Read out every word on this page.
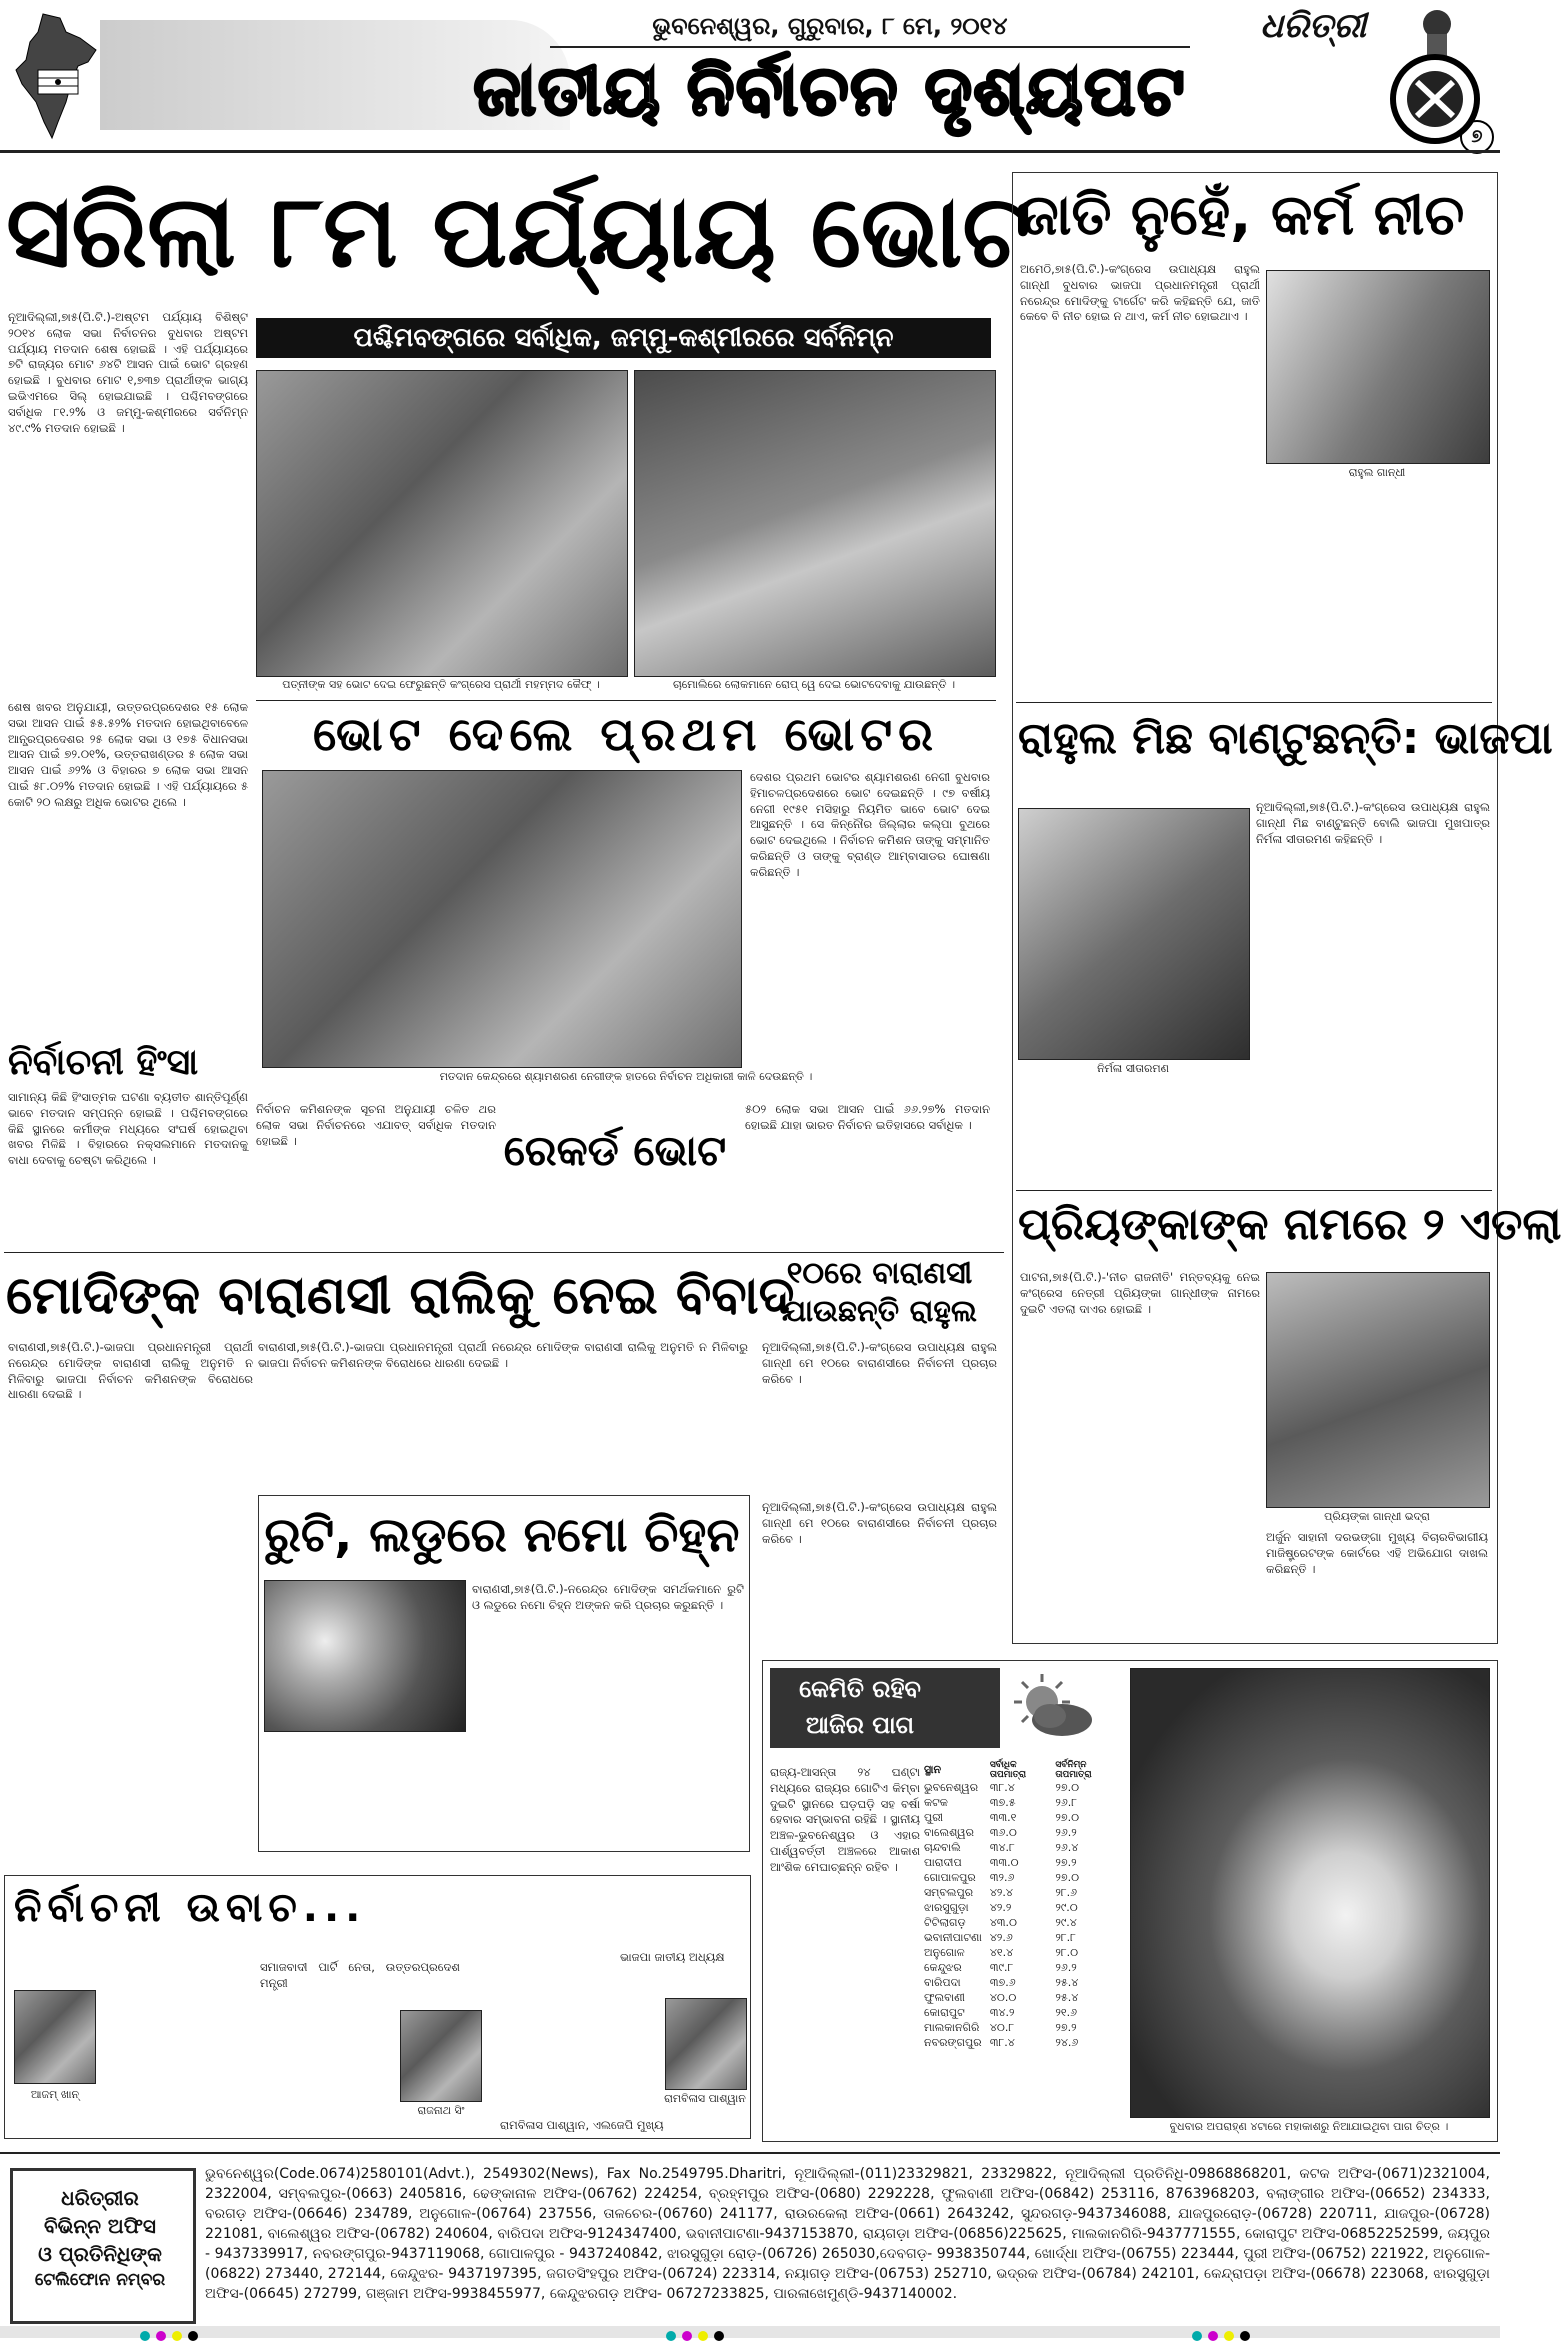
ଭୁବନେଶ୍ୱର, ଗୁରୁବାର, ୮ ମେ, ୨୦୧୪	ଧରିତ୍ରୀ
ଜାତୀୟ ନିର୍ବାଚନ ଦୃଶ୍ୟପଟ
୭
ସରିଲା ୮ମ ପର୍ଯ୍ୟାୟ ଭୋଟ
ନୂଆଦିଲ୍ଲୀ,୭ା୫(ପି.ଟି.)-ଅଷ୍ଟମ ପର୍ଯ୍ୟାୟ ବିଶିଷ୍ଟ ୨୦୧୪ ଲୋକ ସଭା ନିର୍ବାଚନର ବୁଧବାର ଅଷ୍ଟମ ପର୍ଯ୍ୟାୟ ମତଦାନ ଶେଷ ହୋଇଛି । ଏହି ପର୍ଯ୍ୟାୟରେ ୭ଟି ରାଜ୍ୟର ମୋଟ ୬୪ଟି ଆସନ ପାଇଁ ଭୋଟ ଗ୍ରହଣ ହୋଇଛି । ବୁଧବାର ମୋଟ ୧,୭୩୭ ପ୍ରାର୍ଥୀଙ୍କ ଭାଗ୍ୟ ଇଭିଏମରେ ସିଲ୍ ହୋଇଯାଇଛି । ପଶ୍ଚିମବଙ୍ଗରେ ସର୍ବାଧିକ ୮୧.୨% ଓ ଜମ୍ମୁ-କଶ୍ମୀରରେ ସର୍ବନିମ୍ନ ୪୯.୯% ମତଦାନ ହୋଇଛି ।
ପଶ୍ଚିମବଙ୍ଗରେ ସର୍ବାଧିକ, ଜମ୍ମୁ-କଶ୍ମୀରରେ ସର୍ବନିମ୍ନ
ପତ୍ନୀଙ୍କ ସହ ଭୋଟ ଦେଇ ଫେରୁଛନ୍ତି କଂଗ୍ରେସ ପ୍ରାର୍ଥୀ ମହମ୍ମଦ କୈଫ୍ ।	ଚାମୋଲିରେ ଲୋକମାନେ ରୋପ୍ ୱେ ଦେଇ ଭୋଟଦେବାକୁ ଯାଉଛନ୍ତି ।
ଶେଷ ଖବର ଅନୁଯାୟୀ, ଉତ୍ତରପ୍ରଦେଶର ୧୫ ଲୋକ ସଭା ଆସନ ପାଇଁ ୫୫.୫୨% ମତଦାନ ହୋଇଥିବାବେଳେ ଆନ୍ଧ୍ରପ୍ରଦେଶର ୨୫ ଲୋକ ସଭା ଓ ୧୭୫ ବିଧାନସଭା ଆସନ ପାଇଁ ୭୨.୦୧%, ଉତ୍ତରାଖଣ୍ଡର ୫ ଲୋକ ସଭା ଆସନ ପାଇଁ ୬୨% ଓ ବିହାରର ୭ ଲୋକ ସଭା ଆସନ ପାଇଁ ୫୮.୦୨% ମତଦାନ ହୋଇଛି । ଏହି ପର୍ଯ୍ୟାୟରେ ୫ କୋଟି ୨୦ ଲକ୍ଷରୁ ଅଧିକ ଭୋଟର ଥିଲେ ।
ଭୋଟ ଦେଲେ ପ୍ରଥମ ଭୋଟର
ଦେଶର ପ୍ରଥମ ଭୋଟର ଶ୍ୟାମଶରଣ ନେଗୀ ବୁଧବାର ହିମାଚଳପ୍ରଦେଶରେ ଭୋଟ ଦେଇଛନ୍ତି । ୯୭ ବର୍ଷୀୟ ନେଗୀ ୧୯୫୧ ମସିହାରୁ ନିୟମିତ ଭାବେ ଭୋଟ ଦେଇ ଆସୁଛନ୍ତି । ସେ କିନ୍ନୌର ଜିଲ୍ଲାର କଲ୍ପା ବୁଥରେ ଭୋଟ ଦେଇଥିଲେ । ନିର୍ବାଚନ କମିଶନ ତାଙ୍କୁ ସମ୍ମାନିତ କରିଛନ୍ତି ଓ ତାଙ୍କୁ ବ୍ରାଣ୍ଡ ଆମ୍ବାସାଡର ଘୋଷଣା କରିଛନ୍ତି ।
ମତଦାନ କେନ୍ଦ୍ରରେ ଶ୍ୟାମଶରଣ ନେଗୀଙ୍କ ହାତରେ ନିର୍ବାଚନ ଅଧିକାରୀ କାଳି ଦେଉଛନ୍ତି ।
ନିର୍ବାଚନୀ ହିଂସା
ସାମାନ୍ୟ କିଛି ହିଂସାତ୍ମକ ଘଟଣା ବ୍ୟତୀତ ଶାନ୍ତିପୂର୍ଣ୍ଣ ଭାବେ ମତଦାନ ସମ୍ପନ୍ନ ହୋଇଛି । ପଶ୍ଚିମବଙ୍ଗରେ କିଛି ସ୍ଥାନରେ କର୍ମୀଙ୍କ ମଧ୍ୟରେ ସଂଘର୍ଷ ହୋଇଥିବା ଖବର ମିଳିଛି । ବିହାରରେ ନକ୍ସଲମାନେ ମତଦାନକୁ ବାଧା ଦେବାକୁ ଚେଷ୍ଟା କରିଥିଲେ ।
ନିର୍ବାଚନ କମିଶନଙ୍କ ସୂଚନା ଅନୁଯାୟୀ ଚଳିତ ଥର ଲୋକ ସଭା ନିର୍ବାଚନରେ ଏଯାବତ୍ ସର୍ବାଧିକ ମତଦାନ ହୋଇଛି ।	ରେକର୍ଡ ଭୋଟ
୫୦୨ ଲୋକ ସଭା ଆସନ ପାଇଁ ୬୬.୨୭% ମତଦାନ ହୋଇଛି ଯାହା ଭାରତ ନିର୍ବାଚନ ଇତିହାସରେ ସର୍ବାଧିକ ।
ଜାତି ନୁହେଁ, କର୍ମ ନୀଚ
ଅମେଠି,୭ା୫(ପି.ଟି.)-କଂଗ୍ରେସ ଉପାଧ୍ୟକ୍ଷ ରାହୁଲ ଗାନ୍ଧୀ ବୁଧବାର ଭାଜପା ପ୍ରଧାନମନ୍ତ୍ରୀ ପ୍ରାର୍ଥୀ ନରେନ୍ଦ୍ର ମୋଦିଙ୍କୁ ଟାର୍ଗେଟ କରି କହିଛନ୍ତି ଯେ, ଜାତି କେବେ ବି ନୀଚ ହୋଇ ନ ଥାଏ, କର୍ମ ନୀଚ ହୋଇଥାଏ ।
ରାହୁଲ ଗାନ୍ଧୀ
ରାହୁଲ ମିଛ ବାଣ୍ଟୁଛନ୍ତି: ଭାଜପା
ନିର୍ମଳା ସୀତାରମଣ
ନୂଆଦିଲ୍ଲୀ,୭ା୫(ପି.ଟି.)-କଂଗ୍ରେସ ଉପାଧ୍ୟକ୍ଷ ରାହୁଲ ଗାନ୍ଧୀ ମିଛ ବାଣ୍ଟୁଛନ୍ତି ବୋଲି ଭାଜପା ମୁଖପାତ୍ର ନିର୍ମଳା ସୀତାରମଣ କହିଛନ୍ତି ।
ପ୍ରିୟଙ୍କାଙ୍କ ନାମରେ ୨ ଏତଲା
ପାଟନା,୭ା୫(ପି.ଟି.)-'ନୀଚ ରାଜନୀତି' ମନ୍ତବ୍ୟକୁ ନେଇ କଂଗ୍ରେସ ନେତ୍ରୀ ପ୍ରିୟଙ୍କା ଗାନ୍ଧୀଙ୍କ ନାମରେ ଦୁଇଟି ଏତଲା ଦାଏର ହୋଇଛି ।
ପ୍ରିୟଙ୍କା ଗାନ୍ଧୀ ଭଦ୍ରା
ଅର୍ଜୁନ ସାହାନୀ ଦରଭଙ୍ଗା ମୁଖ୍ୟ ବିଚାରବିଭାଗୀୟ ମାଜିଷ୍ଟ୍ରେଟଙ୍କ କୋର୍ଟରେ ଏହି ଅଭିଯୋଗ ଦାଖଲ କରିଛନ୍ତି ।
ମୋଦିଙ୍କ ବାରାଣସୀ ରାଲିକୁ ନେଇ ବିବାଦ
୧୦ରେ ବାରାଣସୀ
ଯାଉଛନ୍ତି ରାହୁଲ
ବାରାଣସୀ,୭ା୫(ପି.ଟି.)-ଭାଜପା ପ୍ରଧାନମନ୍ତ୍ରୀ ପ୍ରାର୍ଥୀ ନରେନ୍ଦ୍ର ମୋଦିଙ୍କ ବାରାଣସୀ ରାଲିକୁ ଅନୁମତି ନ ମିଳିବାରୁ ଭାଜପା ନିର୍ବାଚନ କମିଶନଙ୍କ ବିରୋଧରେ ଧାରଣା ଦେଇଛି ।
ବାରାଣସୀ,୭ା୫(ପି.ଟି.)-ଭାଜପା ପ୍ରଧାନମନ୍ତ୍ରୀ ପ୍ରାର୍ଥୀ ନରେନ୍ଦ୍ର ମୋଦିଙ୍କ ବାରାଣସୀ ରାଲିକୁ ଅନୁମତି ନ ମିଳିବାରୁ ଭାଜପା ନିର୍ବାଚନ କମିଶନଙ୍କ ବିରୋଧରେ ଧାରଣା ଦେଇଛି ।
ନୂଆଦିଲ୍ଲୀ,୭ା୫(ପି.ଟି.)-କଂଗ୍ରେସ ଉପାଧ୍ୟକ୍ଷ ରାହୁଲ ଗାନ୍ଧୀ ମେ ୧୦ରେ ବାରାଣସୀରେ ନିର୍ବାଚନୀ ପ୍ରଚାର କରିବେ ।
ରୁଟି, ଲଡୁରେ ନମୋ ଚିହ୍ନ
ବାରାଣସୀ,୭ା୫(ପି.ଟି.)-ନରେନ୍ଦ୍ର ମୋଦିଙ୍କ ସମର୍ଥକମାନେ ରୁଟି ଓ ଲଡୁରେ ନମୋ ଚିହ୍ନ ଅଙ୍କନ କରି ପ୍ରଚାର କରୁଛନ୍ତି ।
ନୂଆଦିଲ୍ଲୀ,୭ା୫(ପି.ଟି.)-କଂଗ୍ରେସ ଉପାଧ୍ୟକ୍ଷ ରାହୁଲ ଗାନ୍ଧୀ ମେ ୧୦ରେ ବାରାଣସୀରେ ନିର୍ବାଚନୀ ପ୍ରଚାର କରିବେ ।
ନିର୍ବାଚନୀ ଉବାଚ...
ଆଜମ୍ ଖାନ୍
ସମାଜବାଦୀ ପାର୍ଟି ନେତା, ଉତ୍ତରପ୍ରଦେଶ ମନ୍ତ୍ରୀ
ରାଜନାଥ ସିଂ
ଭାଜପା ଜାତୀୟ ଅଧ୍ୟକ୍ଷ
ରାମବିଳାସ ପାଶ୍ୱାନ
ରାମବିଳାସ ପାଶ୍ୱାନ, ଏଲଜେପି ମୁଖ୍ୟ
କେମିତି ରହିବ
ଆଜିର ପାଗ
ରାଜ୍ୟ-ଆସନ୍ତା ୨୪ ଘଣ୍ଟା ମଧ୍ୟରେ ରାଜ୍ୟର ଗୋଟିଏ କିମ୍ବା ଦୁଇଟି ସ୍ଥାନରେ ଘଡ଼ଘଡ଼ି ସହ ବର୍ଷା ହେବାର ସମ୍ଭାବନା ରହିଛି । ସ୍ଥାନୀୟ ଅଞ୍ଚଳ-ଭୁବନେଶ୍ୱର ଓ ଏହାର ପାର୍ଶ୍ୱବର୍ତ୍ତୀ ଅଞ୍ଚଳରେ ଆକାଶ ଆଂଶିକ ମେଘାଚ୍ଛନ୍ନ ରହିବ ।
ସ୍ଥାନ	ସର୍ବାଧିକ ତାପମାତ୍ରା	ସର୍ବନିମ୍ନ ତାପମାତ୍ରା
ଭୁବନେଶ୍ୱର	୩୮.୪	୨୭.୦
କଟକ	୩୭.୫	୨୬.୮
ପୁରୀ	୩୩.୧	୨୭.୦
ବାଲେଶ୍ୱର	୩୬.୦	୨୬.୨
ଚାନ୍ଦବାଲି	୩୪.୮	୨୬.୪
ପାରାଦୀପ	୩୩.୦	୨୭.୨
ଗୋପାଳପୁର	୩୨.୬	୨୭.୦
ସମ୍ବଲପୁର	୪୨.୪	୨୮.୬
ଝାରସୁଗୁଡ଼ା	୪୨.୨	୨୯.୦
ଟିଟିଲାଗଡ଼	୪୩.୦	୨୯.୪
ଭବାନୀପାଟଣା	୪୨.୬	୨୮.୮
ଅନୁଗୋଳ	୪୧.୪	୨୮.୦
କେନ୍ଦୁଝର	୩୯.୮	୨୬.୨
ବାରିପଦା	୩୭.୬	୨୫.୪
ଫୁଲବାଣୀ	୪୦.୦	୨୫.୪
କୋରାପୁଟ	୩୪.୨	୨୧.୬
ମାଲକାନଗିରି	୪୦.୮	୨୭.୨
ନବରଙ୍ଗପୁର	୩୮.୪	୨୪.୬
ବୁଧବାର ଅପରାହ୍ଣ ୪ଟାରେ ମହାକାଶରୁ ନିଆଯାଇଥିବା ପାଗ ଚିତ୍ର ।
ଧରିତ୍ରୀର
ବିଭିନ୍ନ ଅଫିସ
ଓ ପ୍ରତିନିଧିଙ୍କ
ଟେଲିଫୋନ ନମ୍ବର
ଭୁବନେଶ୍ୱର(Code.0674)2580101(Advt.), 2549302(News), Fax No.2549795.Dharitri, ନୂଆଦିଲ୍ଲୀ-(011)23329821, 23329822, ନୂଆଦିଲ୍ଲୀ ପ୍ରତିନିଧି-09868868201, କଟକ ଅଫିସ-(0671)2321004, 2322004, ସମ୍ବଲପୁର-(0663) 2405816, ଢେଙ୍କାନାଳ ଅଫିସ-(06762) 224254, ବ୍ରହ୍ମପୁର ଅଫିସ-(0680) 2292228, ଫୁଲବାଣୀ ଅଫିସ-(06842) 253116, 8763968203, ବଲାଙ୍ଗୀର ଅଫିସ-(06652) 234333, ବରଗଡ଼ ଅଫିସ-(06646) 234789, ଅନୁଗୋଳ-(06764) 237556, ତାଳଚେର-(06760) 241177, ରାଉରକେଲା ଅଫିସ-(0661) 2643242, ସୁନ୍ଦରଗଡ଼-9437346088, ଯାଜପୁରରୋଡ଼-(06728) 220711, ଯାଜପୁର-(06728) 221081, ବାଲେଶ୍ୱର ଅଫିସ-(06782) 240604, ବାରିପଦା ଅଫିସ-9124347400, ଭବାନୀପାଟଣା-9437153870, ରାୟଗଡ଼ା ଅଫିସ-(06856)225625, ମାଲକାନଗିରି-9437771555, କୋରାପୁଟ ଅଫିସ-06852252599, ଜୟପୁର - 9437339917, ନବରଙ୍ଗପୁର-9437119068, ଗୋପାଳପୁର - 9437240842, ଝାରସୁଗୁଡ଼ା ରୋଡ଼-(06726) 265030,ଦେବଗଡ଼- 9938350744, ଖୋର୍ଦ୍ଧା ଅଫିସ-(06755) 223444, ପୁରୀ ଅଫିସ-(06752) 221922, ଅନୁଗୋଳ-(06822) 273440, 272144, କେନ୍ଦୁଝର- 9437197395, ଜଗତସିଂହପୁର ଅଫିସ-(06724) 223314, ନୟାଗଡ଼ ଅଫିସ-(06753) 252710, ଭଦ୍ରକ ଅଫିସ-(06784) 242101, କେନ୍ଦ୍ରାପଡ଼ା ଅଫିସ-(06678) 223068, ଝାରସୁଗୁଡ଼ା ଅଫିସ-(06645) 272799, ଗଞ୍ଜାମ ଅଫିସ-9938455977, କେନ୍ଦୁଝରଗଡ଼ ଅଫିସ- 06727233825, ପାରଳାଖେମୁଣ୍ଡି-9437140002.
